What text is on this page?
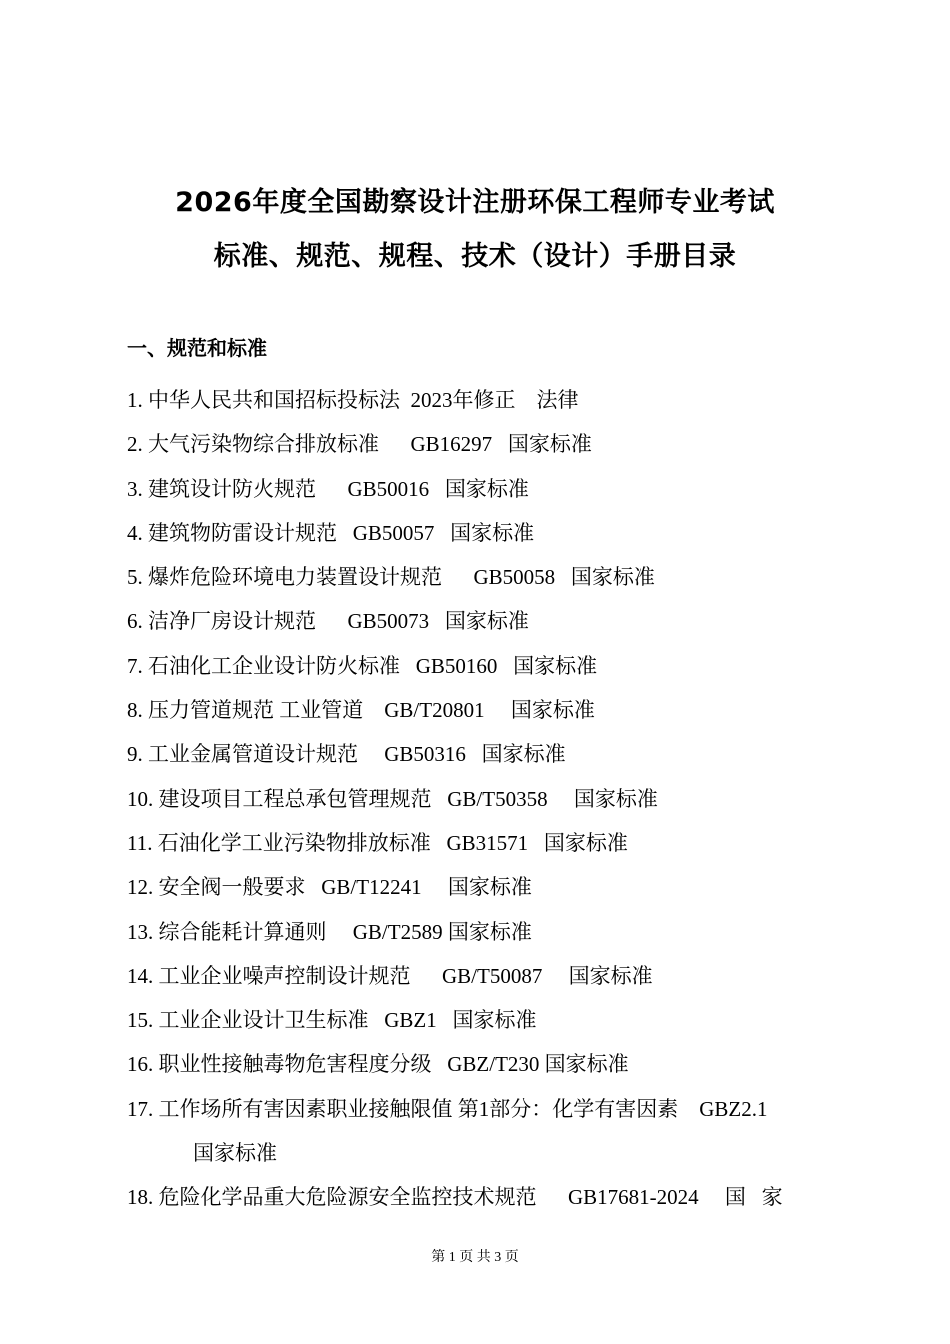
2026年度全国勘察设计注册环保工程师专业考试
标准、规范、规程、技术（设计）手册目录
一、规范和标准
1. 中华人民共和国招标投标法  2023年修正    法律
2. 大气污染物综合排放标准      GB16297   国家标准
3. 建筑设计防火规范      GB50016   国家标准
4. 建筑物防雷设计规范   GB50057   国家标准
5. 爆炸危险环境电力装置设计规范      GB50058   国家标准
6. 洁净厂房设计规范      GB50073   国家标准
7. 石油化工企业设计防火标准   GB50160   国家标准
8. 压力管道规范 工业管道    GB/T20801     国家标准
9. 工业金属管道设计规范     GB50316   国家标准
10. 建设项目工程总承包管理规范   GB/T50358     国家标准
11. 石油化学工业污染物排放标准   GB31571   国家标准
12. 安全阀一般要求   GB/T12241     国家标准
13. 综合能耗计算通则     GB/T2589 国家标准
14. 工业企业噪声控制设计规范      GB/T50087     国家标准
15. 工业企业设计卫生标准   GBZ1   国家标准
16. 职业性接触毒物危害程度分级   GBZ/T230 国家标准
17. 工作场所有害因素职业接触限值 第1部分：化学有害因素    GBZ2.1
国家标准
18. 危险化学品重大危险源安全监控技术规范      GB17681-2024     国   家
第 1 页 共 3 页
